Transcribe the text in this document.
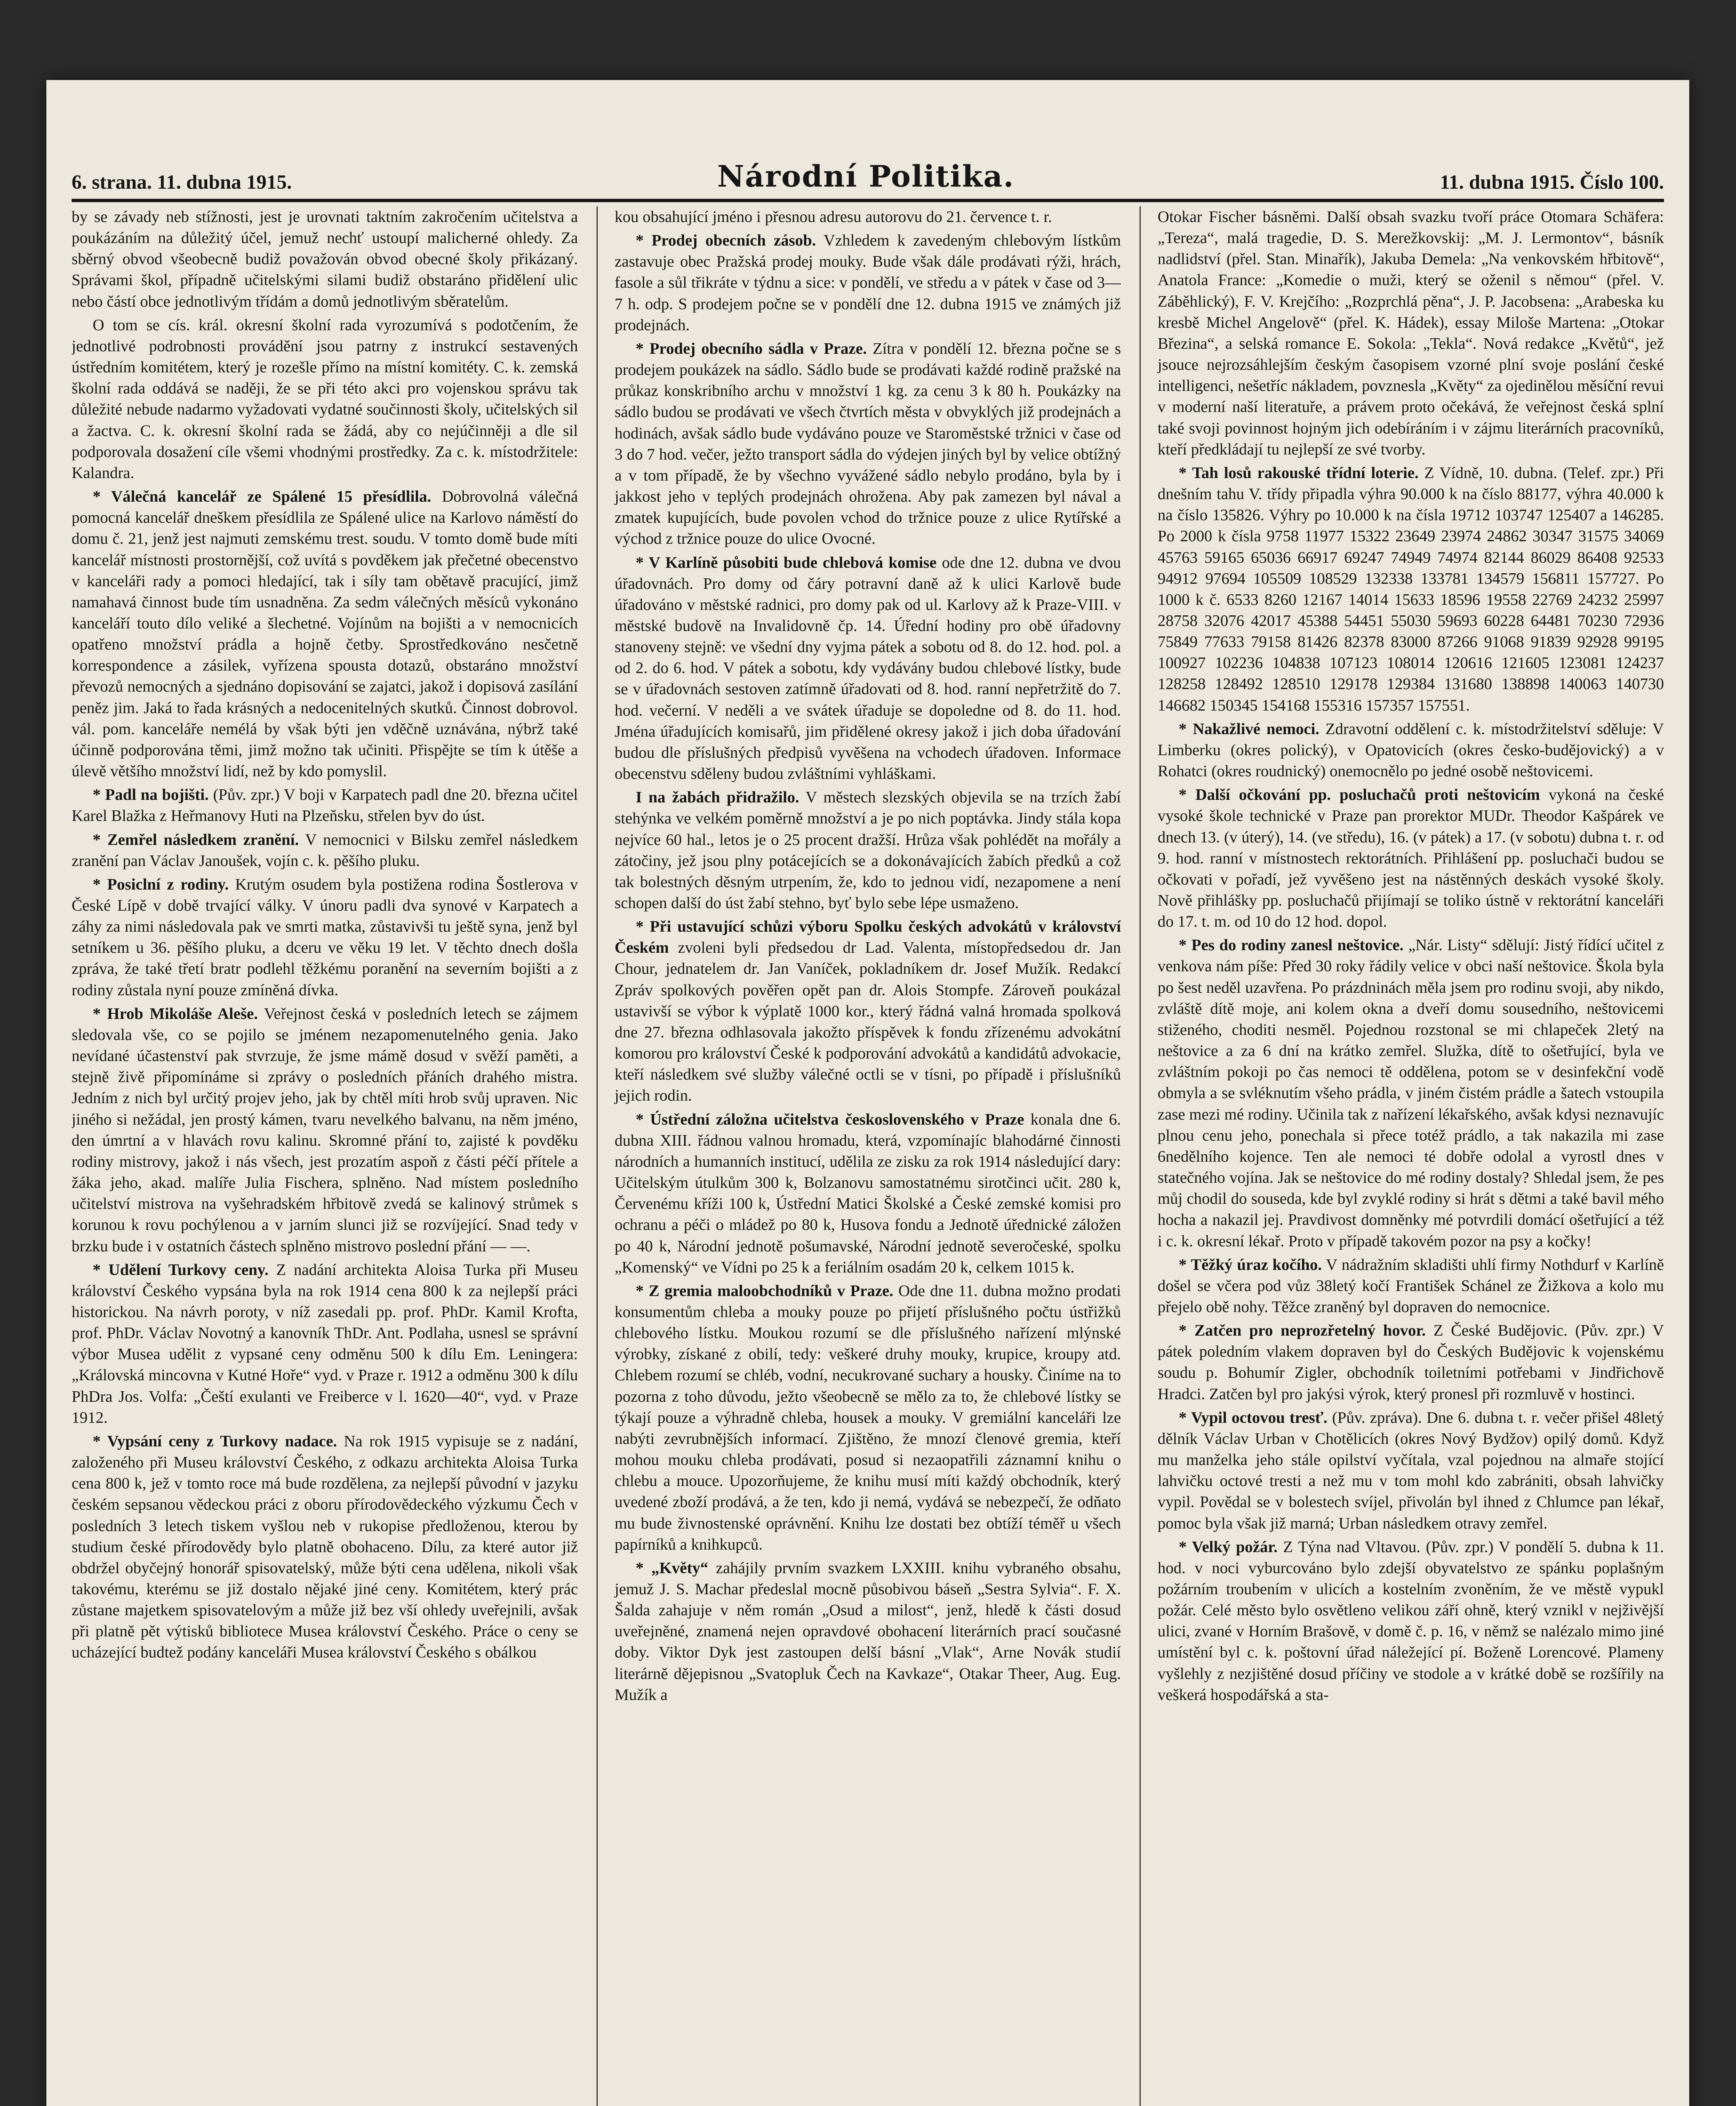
6. strana. 11. dubna 1915.	Národní Politika.	11. dubna 1915. Číslo 100.

by se závady neb stížnosti, jest je urovnati taktním zakročením učitelstva a poukázáním na důležitý účel, jemuž nechť ustoupí malicherné ohledy. Za sběrný obvod všeobecně budiž považován obvod obecné školy přikázaný. Správami škol, případně učitelskými silami budiž obstaráno přidělení ulic nebo částí obce jednotlivým třídám a domů jednotlivým sběratelům.

O tom se cís. král. okresní školní rada vyrozumívá s podotčením, že jednotlivé podrobnosti provádění jsou patrny z instrukcí sestavených ústředním komitétem, který je rozešle přímo na místní komitéty. C. k. zemská školní rada oddává se naději, že se při této akci pro vojenskou správu tak důležité nebude nadarmo vyžadovati vydatné součinnosti školy, učitelských sil a žactva. C. k. okresní školní rada se žádá, aby co nejúčinněji a dle sil podporovala dosažení cíle všemi vhodnými prostředky. Za c. k. místodržitele: Kalandra.

* Válečná kancelář ze Spálené 15 přesídlila. Dobrovolná válečná pomocná kancelář dneškem přesídlila ze Spálené ulice na Karlovo náměstí do domu č. 21, jenž jest najmuti zemskému trest. soudu. V tomto domě bude míti kancelář místnosti prostornější, což uvítá s povděkem jak přečetné obecenstvo v kanceláři rady a pomoci hledající, tak i síly tam obětavě pracující, jimž namahavá činnost bude tím usnadněna. Za sedm válečných měsíců vykonáno kanceláří touto dílo veliké a šlechetné. Vojínům na bojišti a v nemocnicích opatřeno množství prádla a hojně četby. Sprostředkováno nesčetně korrespondence a zásilek, vyřízena spousta dotazů, obstaráno množství převozů nemocných a sjednáno dopisování se zajatci, jakož i dopisová zasílání peněz jim. Jaká to řada krásných a nedocenitelných skutků. Činnost dobrovol. vál. pom. kanceláře nemélá by však býti jen vděčně uznávána, nýbrž také účinně podporována těmi, jimž možno tak učiniti. Přispějte se tím k útěše a úlevě většího množství lidí, než by kdo pomyslil.

* Padl na bojišti. (Pův. zpr.) V boji v Karpatech padl dne 20. března učitel Karel Blažka z Heřmanovy Huti na Plzeňsku, střelen byv do úst.

* Zemřel následkem zranění. V nemocnici v Bilsku zemřel následkem zranění pan Václav Janoušek, vojín c. k. pěšího pluku.

* Posiclní z rodiny. Krutým osudem byla postižena rodina Šostlerova v České Lípě v době trvající války. V únoru padli dva synové v Karpatech a záhy za nimi následovala pak ve smrti matka, zůstavivši tu ještě syna, jenž byl setníkem u 36. pěšího pluku, a dceru ve věku 19 let. V těchto dnech došla zpráva, že také třetí bratr podlehl těžkému poranění na severním bojišti a z rodiny zůstala nyní pouze zmíněná dívka.

* Hrob Mikoláše Aleše. Veřejnost česká v posledních letech se zájmem sledovala vše, co se pojilo se jménem nezapomenutelného genia. Jako nevídané účastenství pak stvrzuje, že jsme mámě dosud v svěží paměti, a stejně živě připomínáme si zprávy o posledních přáních drahého mistra. Jedním z nich byl určitý projev jeho, jak by chtěl míti hrob svůj upraven. Nic jiného si nežádal, jen prostý kámen, tvaru nevelkého balvanu, na něm jméno, den úmrtní a v hlavách rovu kalinu. Skromné přání to, zajisté k povděku rodiny mistrovy, jakož i nás všech, jest prozatím aspoň z části péčí přítele a žáka jeho, akad. malíře Julia Fischera, splněno. Nad místem posledního učitelství mistrova na vyšehradském hřbitově zvedá se kalinový strůmek s korunou k rovu pochýlenou a v jarním slunci již se rozvíjející. Snad tedy v brzku bude i v ostatních částech splněno mistrovo poslední přání — —.

* Udělení Turkovy ceny. Z nadání architekta Aloisa Turka při Museu království Českého vypsána byla na rok 1914 cena 800 k za nejlepší práci historickou. Na návrh poroty, v níž zasedali pp. prof. PhDr. Kamil Krofta, prof. PhDr. Václav Novotný a kanovník ThDr. Ant. Podlaha, usnesl se správní výbor Musea udělit z vypsané ceny odměnu 500 k dílu Em. Leningera: „Královská mincovna v Kutné Hoře“ vyd. v Praze r. 1912 a odměnu 300 k dílu PhDra Jos. Volfa: „Čeští exulanti ve Freiberce v l. 1620—40“, vyd. v Praze 1912.

* Vypsání ceny z Turkovy nadace. Na rok 1915 vypisuje se z nadání, založeného při Museu království Českého, z odkazu architekta Aloisa Turka cena 800 k, jež v tomto roce má bude rozdělena, za nejlepší původní v jazyku českém sepsanou vědeckou práci z oboru přírodovědeckého výzkumu Čech v posledních 3 letech tiskem vyšlou neb v rukopise předloženou, kterou by studium české přírodovědy bylo platně obohaceno. Dílu, za které autor již obdržel obyčejný honorář spisovatelský, může býti cena udělena, nikoli však takovému, kterému se již dostalo nějaké jiné ceny. Komitétem, který prác zůstane majetkem spisovatelovým a může již bez vší ohledy uveřejnili, avšak při platně pět výtisků bibliotece Musea království Českého. Práce o ceny se ucházející budtež podány kanceláři Musea království Českého s obálkou

kou obsahující jméno i přesnou adresu autorovu do 21. července t. r.

* Prodej obecních zásob. Vzhledem k zavedeným chlebovým lístkům zastavuje obec Pražská prodej mouky. Bude však dále prodávati rýži, hrách, fasole a sůl třikráte v týdnu a sice: v pondělí, ve středu a v pátek v čase od 3—7 h. odp. S prodejem počne se v pondělí dne 12. dubna 1915 ve známých již prodejnách.

* Prodej obecního sádla v Praze. Zítra v pondělí 12. března počne se s prodejem poukázek na sádlo. Sádlo bude se prodávati každé rodině pražské na průkaz konskribního archu v množství 1 kg. za cenu 3 k 80 h. Poukázky na sádlo budou se prodávati ve všech čtvrtích města v obvyklých již prodejnách a hodinách, avšak sádlo bude vydáváno pouze ve Staroměstské tržnici v čase od 3 do 7 hod. večer, ježto transport sádla do výdejen jiných byl by velice obtížný a v tom případě, že by všechno vyvážené sádlo nebylo prodáno, byla by i jakkost jeho v teplých prodejnách ohrožena. Aby pak zamezen byl nával a zmatek kupujících, bude povolen vchod do tržnice pouze z ulice Rytířské a východ z tržnice pouze do ulice Ovocné.

* V Karlíně působiti bude chlebová komise ode dne 12. dubna ve dvou úřadovnách. Pro domy od čáry potravní daně až k ulici Karlově bude úřadováno v městské radnici, pro domy pak od ul. Karlovy až k Praze-VIII. v městské budově na Invalidovně čp. 14. Úřední hodiny pro obě úřadovny stanoveny stejně: ve všední dny vyjma pátek a sobotu od 8. do 12. hod. pol. a od 2. do 6. hod. V pátek a sobotu, kdy vydávány budou chlebové lístky, bude se v úřadovnách sestoven zatímně úřadovati od 8. hod. ranní nepřetržitě do 7. hod. večerní. V neděli a ve svátek úřaduje se dopoledne od 8. do 11. hod. Jména úřadujících komisařů, jim přidělené okresy jakož i jich doba úřadování budou dle příslušných předpisů vyvěšena na vchodech úřadoven. Informace obecenstvu sděleny budou zvláštními vyhláškami.

I na žabách přidražilo. V městech slezských objevila se na trzích žabí stehýnka ve velkém poměrně množství a je po nich poptávka. Jindy stála kopa nejvíce 60 hal., letos je o 25 procent dražší. Hrůza však pohlédět na mořály a zátočiny, jež jsou plny potácejících se a dokonávajících žabích předků a což tak bolestných děsným utrpením, že, kdo to jednou vidí, nezapomene a není schopen další do úst žabí stehno, byť bylo sebe lépe usmaženo.

* Při ustavující schůzi výboru Spolku českých advokátů v království Českém zvoleni byli předsedou dr Lad. Valenta, místopředsedou dr. Jan Chour, jednatelem dr. Jan Vaníček, pokladníkem dr. Josef Mužík. Redakcí Zpráv spolkových pověřen opět pan dr. Alois Stompfe. Zároveň poukázal ustavivší se výbor k výplatě 1000 kor., který řádná valná hromada spolková dne 27. března odhlasovala jakožto příspěvek k fondu zřízenému advokátní komorou pro království České k podporování advokátů a kandidátů advokacie, kteří následkem své služby válečné octli se v tísni, po případě i příslušníků jejich rodin.

* Ústřední záložna učitelstva československého v Praze konala dne 6. dubna XIII. řádnou valnou hromadu, která, vzpomínajíc blahodárné činnosti národních a humanních institucí, udělila ze zisku za rok 1914 následující dary: Učitelským útulkům 300 k, Bolzanovu samostatnému sirotčinci učit. 280 k, Červenému kříži 100 k, Ústřední Matici Školské a České zemské komisi pro ochranu a péči o mládež po 80 k, Husova fondu a Jednotě úřednické záložen po 40 k, Národní jednotě pošumavské, Národní jednotě severočeské, spolku „Komenský“ ve Vídni po 25 k a feriálním osadám 20 k, celkem 1015 k.

* Z gremia maloobchodníků v Praze. Ode dne 11. dubna možno prodati konsumentům chleba a mouky pouze po přijetí příslušného počtu ústřižků chlebového lístku. Moukou rozumí se dle příslušného nařízení mlýnské výrobky, získané z obilí, tedy: veškeré druhy mouky, krupice, kroupy atd. Chlebem rozumí se chléb, vodní, necukrované suchary a housky. Činíme na to pozorna z toho důvodu, ježto všeobecně se mělo za to, že chlebové lístky se týkají pouze a výhradně chleba, housek a mouky. V gremiální kanceláři lze nabýti zevrubnějších informací. Zjištěno, že mnozí členové gremia, kteří mohou mouku chleba prodávati, posud si nezaopatřili záznamní knihu o chlebu a mouce. Upozorňujeme, že knihu musí míti každý obchodník, který uvedené zboží prodává, a že ten, kdo ji nemá, vydává se nebezpečí, že odňato mu bude živnostenské oprávnění. Knihu lze dostati bez obtíží téměř u všech papírníků a knihkupců.

* „Květy“ zahájily prvním svazkem LXXIII. knihu vybraného obsahu, jemuž J. S. Machar předeslal mocně působivou báseň „Sestra Sylvia“. F. X. Šalda zahajuje v něm román „Osud a milost“, jenž, hledě k části dosud uveřejněné, znamená nejen opravdové obohacení literárních prací současné doby. Viktor Dyk jest zastoupen delší básní „Vlak“, Arne Novák studií literárně dějepisnou „Svatopluk Čech na Kavkaze“, Otakar Theer, Aug. Eug. Mužík a

Otokar Fischer básněmi. Další obsah svazku tvoří práce Otomara Schäfera: „Tereza“, malá tragedie, D. S. Merežkovskij: „M. J. Lermontov“, básník nadlidství (přel. Stan. Minařík), Jakuba Demela: „Na venkovském hřbitově“, Anatola France: „Komedie o muži, který se oženil s němou“ (přel. V. Záběhlický), F. V. Krejčího: „Rozprchlá pěna“, J. P. Jacobsena: „Arabeska ku kresbě Michel Angelově“ (přel. K. Hádek), essay Miloše Martena: „Otokar Březina“, a selská romance E. Sokola: „Tekla“. Nová redakce „Květů“, jež jsouce nejrozsáhlejším českým časopisem vzorné plní svoje poslání české intelligenci, nešetříc nákladem, povznesla „Květy“ za ojedinělou měsíční revui v moderní naší literatuře, a právem proto očekává, že veřejnost česká splní také svoji povinnost hojným jich odebíráním i v zájmu literárních pracovníků, kteří předkládají tu nejlepší ze své tvorby.

* Tah losů rakouské třídní loterie. Z Vídně, 10. dubna. (Telef. zpr.) Při dnešním tahu V. třídy připadla výhra 90.000 k na číslo 88177, výhra 40.000 k na číslo 135826. Výhry po 10.000 k na čísla 19712 103747 125407 a 146285. Po 2000 k čísla 9758 11977 15322 23649 23974 24862 30347 31575 34069 45763 59165 65036 66917 69247 74949 74974 82144 86029 86408 92533 94912 97694 105509 108529 132338 133781 134579 156811 157727. Po 1000 k č. 6533 8260 12167 14014 15633 18596 19558 22769 24232 25997 28758 32076 42017 45388 54451 55030 59693 60228 64481 70230 72936 75849 77633 79158 81426 82378 83000 87266 91068 91839 92928 99195 100927 102236 104838 107123 108014 120616 121605 123081 124237 128258 128492 128510 129178 129384 131680 138898 140063 140730 146682 150345 154168 155316 157357 157551.

* Nakažlivé nemoci. Zdravotní oddělení c. k. místodržitelství sděluje: V Limberku (okres polický), v Opatovicích (okres česko-budějovický) a v Rohatci (okres roudnický) onemocnělo po jedné osobě neštovicemi.

* Další očkování pp. posluchačů proti neštovicím vykoná na české vysoké škole technické v Praze pan prorektor MUDr. Theodor Kašpárek ve dnech 13. (v úterý), 14. (ve středu), 16. (v pátek) a 17. (v sobotu) dubna t. r. od 9. hod. ranní v místnostech rektorátních. Přihlášení pp. posluchači budou se očkovati v pořadí, jež vyvěšeno jest na nástěnných deskách vysoké školy. Nově přihlášky pp. posluchačů přijímají se toliko ústně v rektorátní kanceláři do 17. t. m. od 10 do 12 hod. dopol.

* Pes do rodiny zanesl neštovice. „Nár. Listy“ sdělují: Jistý řídící učitel z venkova nám píše: Před 30 roky řádily velice v obci naší neštovice. Škola byla po šest neděl uzavřena. Po prázdninách měla jsem pro rodinu svoji, aby nikdo, zvláště dítě moje, ani kolem okna a dveří domu sousedního, neštovicemi stiženého, choditi nesměl. Pojednou rozstonal se mi chlapeček 2letý na neštovice a za 6 dní na krátko zemřel. Služka, dítě to ošetřující, byla ve zvláštním pokoji po čas nemoci tě oddělena, potom se v desinfekční vodě obmyla a se svléknutím všeho prádla, v jiném čistém prádle a šatech vstoupila zase mezi mé rodiny. Učinila tak z nařízení lékařského, avšak kdysi neznavujíc plnou cenu jeho, ponechala si přece totéž prádlo, a tak nakazila mi zase 6nedělního kojence. Ten ale nemoci té dobře odolal a vyrostl dnes v statečného vojína. Jak se neštovice do mé rodiny dostaly? Shledal jsem, že pes můj chodil do souseda, kde byl zvyklé rodiny si hrát s dětmi a také bavil mého hocha a nakazil jej. Pravdivost domněnky mé potvrdili domácí ošetřující a též i c. k. okresní lékař. Proto v případě takovém pozor na psy a kočky!

* Těžký úraz kočího. V nádražním skladišti uhlí firmy Nothdurf v Karlíně došel se včera pod vůz 38letý kočí František Schánel ze Žižkova a kolo mu přejelo obě nohy. Těžce zraněný byl dopraven do nemocnice.

* Zatčen pro neprozřetelný hovor. Z České Budějovic. (Pův. zpr.) V pátek poledním vlakem dopraven byl do Českých Budějovic k vojenskému soudu p. Bohumír Zigler, obchodník toiletními potřebami v Jindřichově Hradci. Zatčen byl pro jakýsi výrok, který pronesl při rozmluvě v hostinci.

* Vypil octovou tresť. (Pův. zpráva). Dne 6. dubna t. r. večer přišel 48letý dělník Václav Urban v Chotělicích (okres Nový Bydžov) opilý domů. Když mu manželka jeho stále opilství vyčítala, vzal pojednou na almaře stojící lahvičku octové tresti a než mu v tom mohl kdo zabrániti, obsah lahvičky vypil. Povědal se v bolestech svíjel, přivolán byl ihned z Chlumce pan lékař, pomoc byla však již marná; Urban následkem otravy zemřel.

* Velký požár. Z Týna nad Vltavou. (Pův. zpr.) V pondělí 5. dubna k 11. hod. v noci vyburcováno bylo zdejší obyvatelstvo ze spánku poplašným požárním troubením v ulicích a kostelním zvoněním, že ve městě vypukl požár. Celé město bylo osvětleno velikou září ohně, který vznikl v nejživější ulici, zvané v Horním Brašově, v domě č. p. 16, v němž se nalézalo mimo jiné umístění byl c. k. poštovní úřad náležející pí. Boženě Lorencové. Plameny vyšlehly z nezjištěné dosud příčiny ve stodole a v krátké době se rozšířily na veškerá hospodářská a sta-
